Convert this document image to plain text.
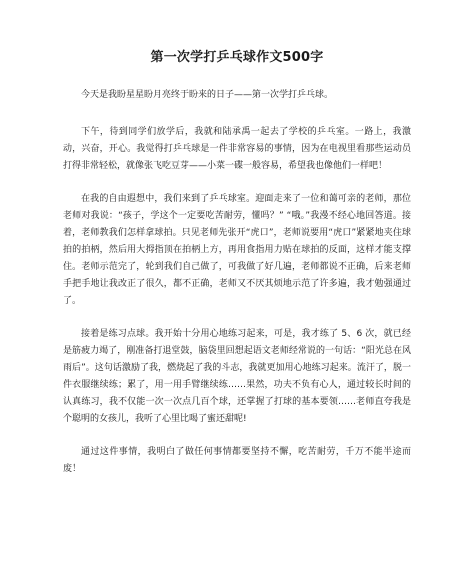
第一次学打乒乓球作文500字

今天是我盼星星盼月亮终于盼来的日子——第一次学打乒乓球。

下午，待到同学们放学后，我就和陆承禹一起去了学校的乒乓室。一路上，我激动，兴奋，开心。我觉得打乒乓球是一件非常容易的事情，因为在电视里看那些运动员打得非常轻松，就像张飞吃豆芽——小菜一碟一般容易，希望我也像他们一样吧！

在我的自由遐想中，我们来到了乒乓球室。迎面走来了一位和蔼可亲的老师，那位老师对我说：“孩子，学这个一定要吃苦耐劳，懂吗？” “哦。”我漫不经心地回答道。接着，老师教我们怎样拿球拍。只见老师先张开“虎口”，老师说要用“虎口”紧紧地夹住球拍的拍柄，然后用大拇指顶在拍柄上方，再用食指用力贴在球拍的反面，这样才能支撑住。老师示范完了，轮到我们自己做了，可我做了好几遍，老师都说不正确，后来老师手把手地让我改正了很久，都不正确，老师又不厌其烦地示范了许多遍，我才勉强通过了。

接着是练习点球。我开始十分用心地练习起来，可是，我才练了 5、6 次，就已经是筋疲力竭了，刚准备打退堂鼓，脑袋里回想起语文老师经常说的一句话：“阳光总在风雨后”。这句话激励了我，燃烧起了我的斗志，我就更加用心地练习起来。流汗了，脱一件衣服继续练；累了，用一用手臂继续练……果然，功夫不负有心人，通过较长时间的认真练习，我不仅能一次一次点几百个球，还掌握了打球的基本要领……老师直夸我是个聪明的女孩儿，我听了心里比喝了蜜还甜呢!

通过这件事情，我明白了做任何事情都要坚持不懈，吃苦耐劳，千万不能半途而废！
